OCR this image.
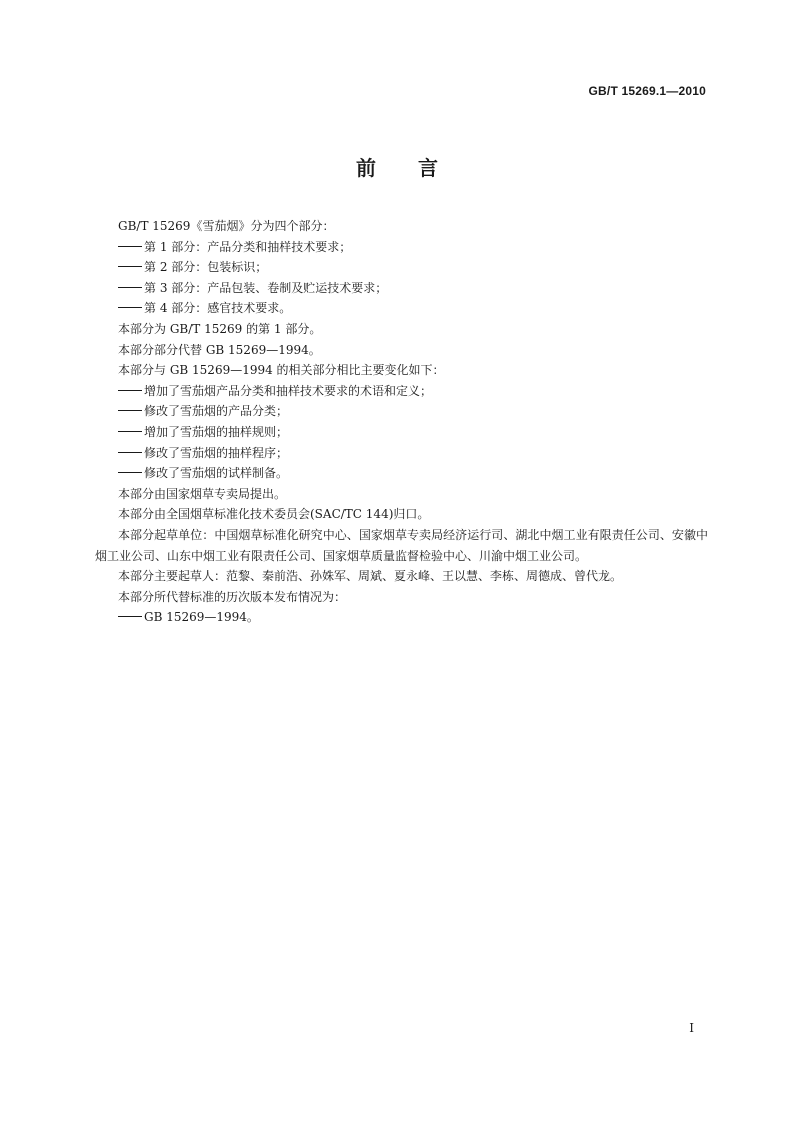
GB/T 15269.1—2010
前言

GB/T 15269《雪茄烟》分为四个部分：

第 1 部分：产品分类和抽样技术要求；

第 2 部分：包装标识；

第 3 部分：产品包装、卷制及贮运技术要求；

第 4 部分：感官技术要求。

本部分为 GB/T 15269 的第 1 部分。

本部分部分代替 GB 15269—1994。

本部分与 GB 15269—1994 的相关部分相比主要变化如下：

增加了雪茄烟产品分类和抽样技术要求的术语和定义；

修改了雪茄烟的产品分类；

增加了雪茄烟的抽样规则；

修改了雪茄烟的抽样程序；

修改了雪茄烟的试样制备。

本部分由国家烟草专卖局提出。

本部分由全国烟草标准化技术委员会(SAC/TC 144)归口。

本部分起草单位：中国烟草标准化研究中心、国家烟草专卖局经济运行司、湖北中烟工业有限责任公司、安徽中烟工业公司、山东中烟工业有限责任公司、国家烟草质量监督检验中心、川渝中烟工业公司。

本部分主要起草人：范黎、秦前浩、孙姝军、周斌、夏永峰、王以慧、李栋、周德成、曾代龙。

本部分所代替标准的历次版本发布情况为：

GB 15269—1994。

I
